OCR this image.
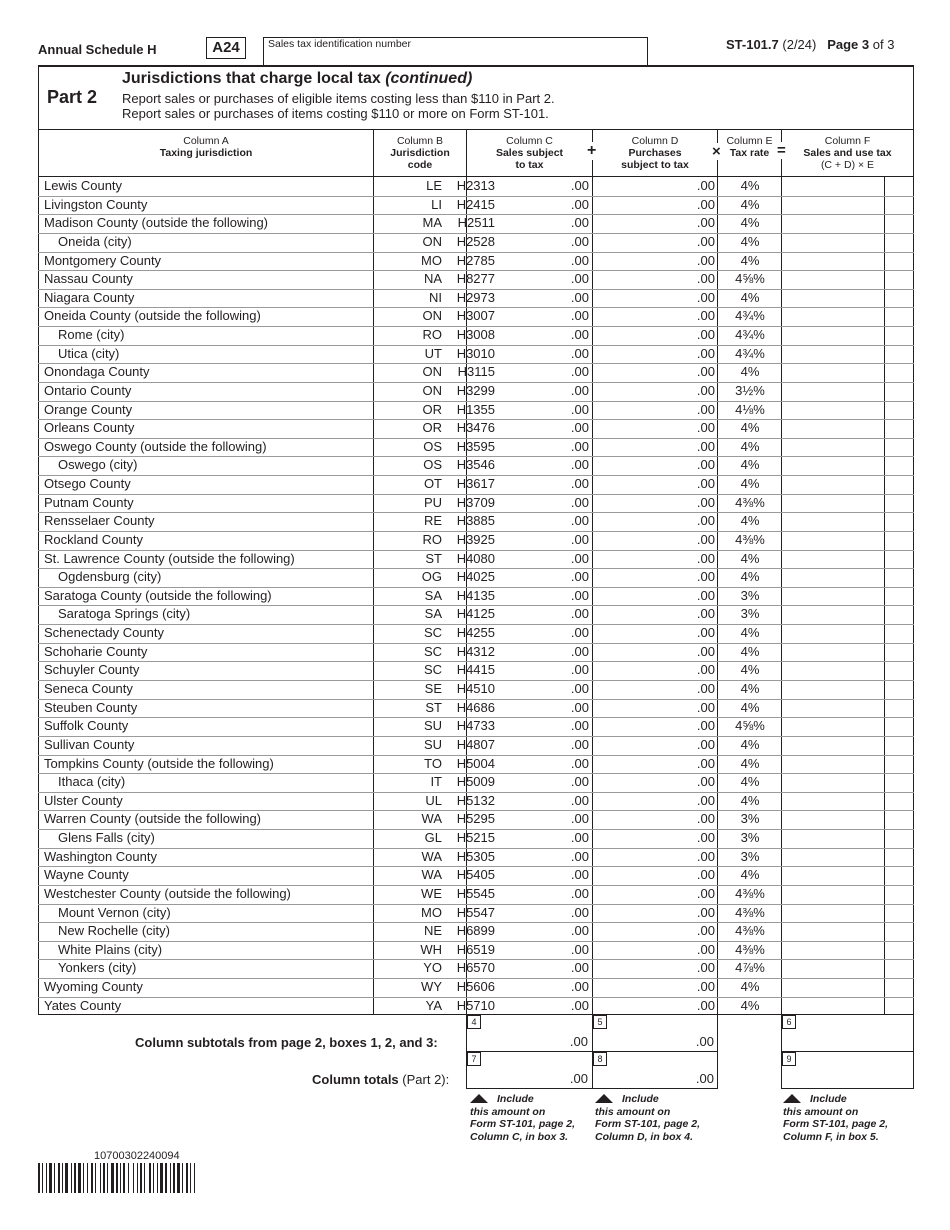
Annual Schedule H	A24	Sales tax identification number	ST-101.7 (2/24) Page 3 of 3
Part 2
Jurisdictions that charge local tax (continued)
Report sales or purchases of eligible items costing less than $110 in Part 2.
Report sales or purchases of items costing $110 or more on Form ST-101.
Column A
Taxing jurisdiction
Column B
Jurisdiction
code
Column C
Sales subject
to tax
+
Column D
Purchases
subject to tax
×
Column E
Tax rate =
Column F
Sales and use tax
(C + D) × E
Lewis County	LE	H2313	.00	.00	4%
Livingston County	LI	H2415	.00	.00	4%
Madison County (outside the following)	MA	H2511	.00	.00	4%
Oneida (city)	ON	H2528	.00	.00	4%
Montgomery County	MO	H2785	.00	.00	4%
Nassau County	NA	H8277	.00	.00	4⅝%
Niagara County	NI	H2973	.00	.00	4%
Oneida County (outside the following)	ON	H3007	.00	.00	4¾%
Rome (city)	RO	H3008	.00	.00	4¾%
Utica (city)	UT	H3010	.00	.00	4¾%
Onondaga County	ON	H3115	.00	.00	4%
Ontario County	ON	H3299	.00	.00	3½%
Orange County	OR	H1355	.00	.00	4⅛%
Orleans County	OR	H3476	.00	.00	4%
Oswego County (outside the following)	OS	H3595	.00	.00	4%
Oswego (city)	OS	H3546	.00	.00	4%
Otsego County	OT	H3617	.00	.00	4%
Putnam County	PU	H3709	.00	.00	4⅜%
Rensselaer County	RE	H3885	.00	.00	4%
Rockland County	RO	H3925	.00	.00	4⅜%
St. Lawrence County (outside the following)	ST	H4080	.00	.00	4%
Ogdensburg (city)	OG	H4025	.00	.00	4%
Saratoga County (outside the following)	SA	H4135	.00	.00	3%
Saratoga Springs (city)	SA	H4125	.00	.00	3%
Schenectady County	SC	H4255	.00	.00	4%
Schoharie County	SC	H4312	.00	.00	4%
Schuyler County	SC	H4415	.00	.00	4%
Seneca County	SE	H4510	.00	.00	4%
Steuben County	ST	H4686	.00	.00	4%
Suffolk County	SU	H4733	.00	.00	4⅝%
Sullivan County	SU	H4807	.00	.00	4%
Tompkins County (outside the following)	TO	H5004	.00	.00	4%
Ithaca (city)	IT	H5009	.00	.00	4%
Ulster County	UL	H5132	.00	.00	4%
Warren County (outside the following)	WA	H5295	.00	.00	3%
Glens Falls (city)	GL	H5215	.00	.00	3%
Washington County	WA	H5305	.00	.00	3%
Wayne County	WA	H5405	.00	.00	4%
Westchester County (outside the following)	WE	H5545	.00	.00	4⅜%
Mount Vernon (city)	MO	H5547	.00	.00	4⅜%
New Rochelle (city)	NE	H6899	.00	.00	4⅜%
White Plains (city)	WH	H6519	.00	.00	4⅜%
Yonkers (city)	YO	H6570	.00	.00	4⅞%
Wyoming County	WY	H5606	.00	.00	4%
Yates County	YA	H5710	.00	.00	4%
Column subtotals from page 2, boxes 1, 2, and 3:
Column totals (Part 2):
4	5	6
7	8	9
.00	.00
.00	.00
Include
this amount on
Form ST-101, page 2,
Column C, in box 3.
Include
this amount on
Form ST-101, page 2,
Column D, in box 4.
Include
this amount on
Form ST-101, page 2,
Column F, in box 5.
10700302240094
